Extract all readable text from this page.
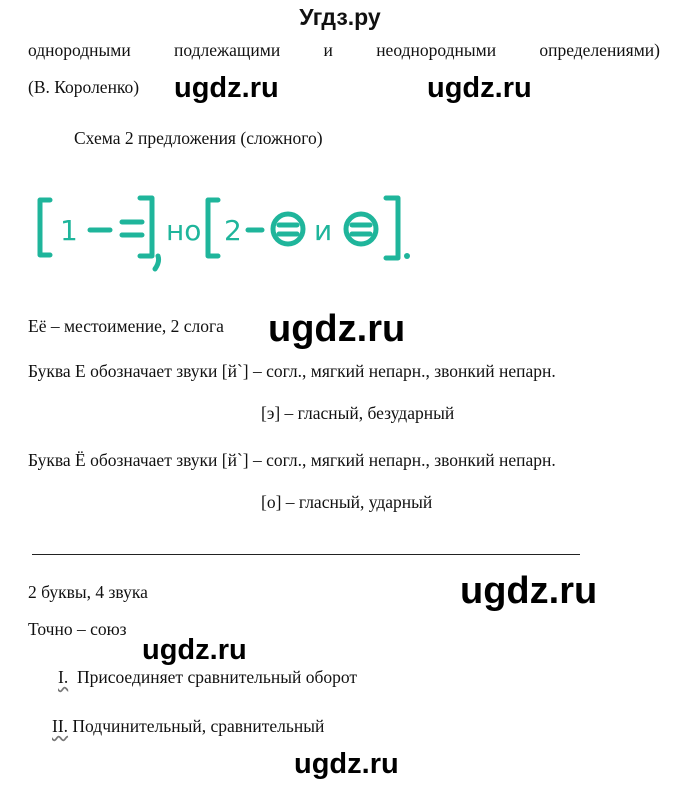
Угдз.ру
однородными подлежащими и неоднородными определениями)
(В. Короленко) ugdz.ru	ugdz.ru
Схема 2 предложения (сложного)
1	но 2	и
Её – местоимение, 2 слога ugdz.ru
Буква Е обозначает звуки [й`] – согл., мягкий непарн., звонкий непарн.
[э] – гласный, безударный
Буква Ё обозначает звуки [й`] – согл., мягкий непарн., звонкий непарн.
[о] – гласный, ударный
2 буквы, 4 звука	ugdz.ru
Точно – союз
ugdz.ru
I. Присоединяет сравнительный оборот
II. Подчинительный, сравнительный
ugdz.ru
